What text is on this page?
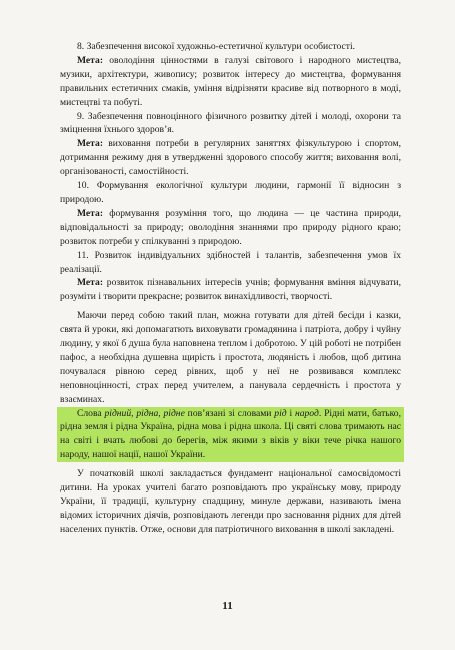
8. Забезпечення високої художньо-естетичної культури особистості.

Мета: оволодіння цінностями в галузі світового і народного мистецтва, музики, архітектури, живопису; розвиток інтересу до мистецтва, формування правильних естетичних смаків, уміння відрізняти красиве від потворного в моді, мистецтві та побуті.

9. Забезпечення повноцінного фізичного розвитку дітей і молоді, охорони та зміцнення їхнього здоров’я.

Мета: виховання потреби в регулярних заняттях фізкультурою і спортом, дотримання режиму дня в утвердженні здорового способу життя; виховання волі, організованості, самостійності.

10. Формування екологічної культури людини, гармонії її відносин з природою.

Мета: формування розуміння того, що людина — це частина природи, відповідальності за природу; оволодіння знаннями про природу рідного краю; розвиток потреби у спілкуванні з природою.

11. Розвиток індивідуальних здібностей і талантів, забезпечення умов їх реалізації.

Мета: розвиток пізнавальних інтересів учнів; формування вміння відчувати, розуміти і творити прекрасне; розвиток винахідливості, творчості.

Маючи перед собою такий план, можна готувати для дітей бесіди і казки, свята й уроки, які допомагатють виховувати громадянина і патріота, добру і чуйну людину, у якої б душа була наповнена теплом і добротою. У цій роботі не потрібен пафос, а необхідна душевна щирість і простота, людяність і любов, щоб дитина почувалася рівною серед рівних, щоб у неї не розвивався комплекс неповноцінності, страх перед учителем, а панувала сердечність і простота у взаєминах.

Слова рідний, рідна, рідне пов’язані зі словами рід і народ. Рідні мати, батько, рідна земля і рідна Україна, рідна мова і рідна школа. Ці святі слова тримають нас на світі і вчать любові до берегів, між якими з віків у віки тече річка нашого народу, нашої нації, нашої України.

У початковій школі закладається фундамент національної самосвідомості дитини. На уроках учителі багато розповідають про українську мову, природу України, її традиції, культурну спадщину, минуле держави, називають імена відомих історичних діячів, розповідають легенди про засновання рідних для дітей населених пунктів. Отже, основи для патріотичного виховання в школі закладені.

11
